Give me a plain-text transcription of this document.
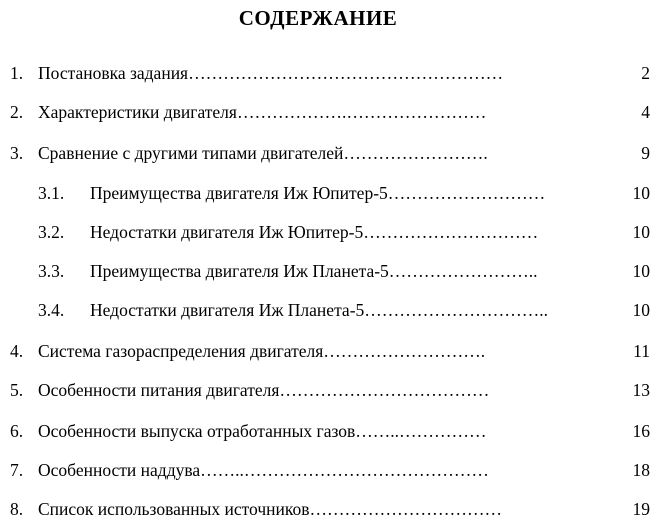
СОДЕРЖАНИЕ
1. Постановка задания………………………………………………	2
2. Характеристики двигателя……………….……………………	4
3. Сравнение с другими типами двигателей…………………….	9
3.1. Преимущества двигателя Иж Юпитер-5………………………	10
3.2. Недостатки двигателя Иж Юпитер-5…………………………	10
3.3. Преимущества двигателя Иж Планета-5……………………..	10
3.4. Недостатки двигателя Иж Планета-5…………………………..	10
4. Система газораспределения двигателя……………………….	11
5. Особенности питания двигателя………………………………	13
6. Особенности выпуска отработанных газов……..……………	16
7. Особенности наддува……..……………………………………	18
8. Список использованных источников……………………………	19
